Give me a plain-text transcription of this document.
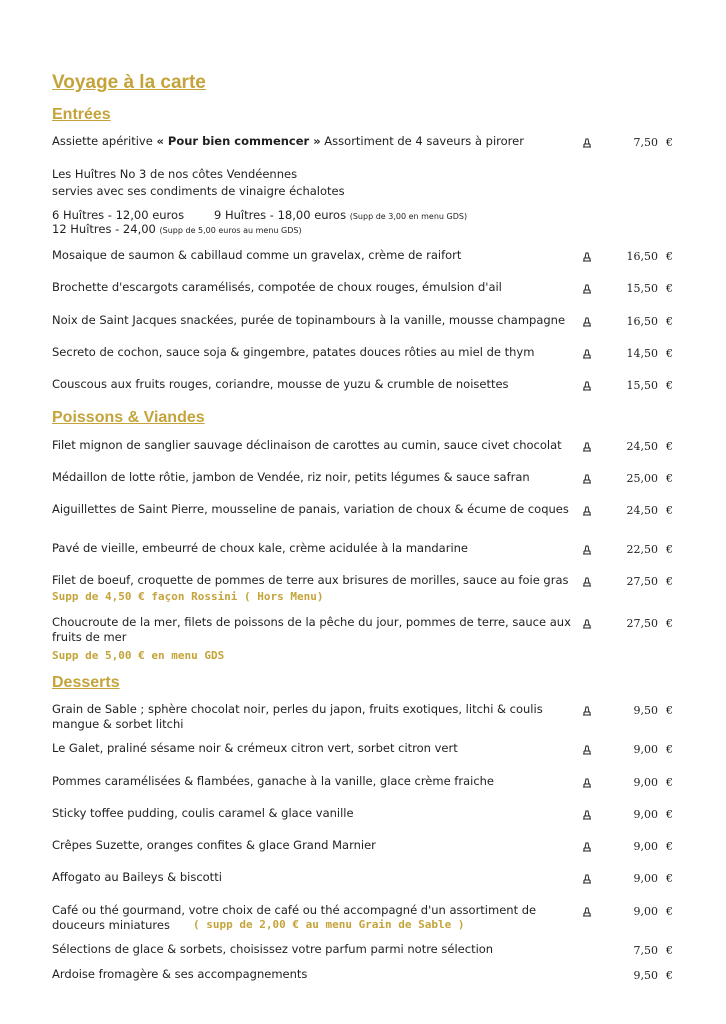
Voyage à la carte
Entrées
Assiette apéritive « Pour bien commencer » Assortiment de 4 saveurs à pirorer	7,50 €
Les Huîtres No 3 de nos côtes Vendéennes
servies avec ses condiments de vinaigre échalotes
6 Huîtres - 12,00 euros	9 Huîtres - 18,00 euros (Supp de 3,00 en menu GDS)
12 Huîtres - 24,00 (Supp de 5,00 euros au menu GDS)
Mosaique de saumon & cabillaud comme un gravelax, crème de raifort	16,50 €
Brochette d'escargots caramélisés, compotée de choux rouges, émulsion d'ail	15,50 €
Noix de Saint Jacques snackées, purée de topinambours à la vanille, mousse champagne	16,50 €
Secreto de cochon, sauce soja & gingembre, patates douces rôties au miel de thym	14,50 €
Couscous aux fruits rouges, coriandre, mousse de yuzu & crumble de noisettes	15,50 €
Poissons & Viandes
Filet mignon de sanglier sauvage déclinaison de carottes au cumin, sauce civet chocolat	24,50 €
Médaillon de lotte rôtie, jambon de Vendée, riz noir, petits légumes & sauce safran	25,00 €
Aiguillettes de Saint Pierre, mousseline de panais, variation de choux & écume de coques	24,50 €
Pavé de vieille, embeurré de choux kale, crème acidulée à la mandarine	22,50 €
Filet de boeuf, croquette de pommes de terre aux brisures de morilles, sauce au foie gras	27,50 €
Supp de 4,50 € façon Rossini ( Hors Menu)
Choucroute de la mer, filets de poissons de la pêche du jour, pommes de terre, sauce aux fruits de mer
27,50 €
Supp de 5,00 € en menu GDS
Desserts
Grain de Sable ; sphère chocolat noir, perles du japon, fruits exotiques, litchi & coulis mangue & sorbet litchi
9,50 €
Le Galet, praliné sésame noir & crémeux citron vert, sorbet citron vert	9,00 €
Pommes caramélisées & flambées, ganache à la vanille, glace crème fraiche	9,00 €
Sticky toffee pudding, coulis caramel & glace vanille	9,00 €
Crêpes Suzette, oranges confites & glace Grand Marnier	9,00 €
Affogato au Baileys & biscotti	9,00 €
Café ou thé gourmand, votre choix de café ou thé accompagné d'un assortiment de douceurs miniatures
9,00 €
( supp de 2,00 € au menu Grain de Sable )
Sélections de glace & sorbets, choisissez votre parfum parmi notre sélection	7,50 €
Ardoise fromagère & ses accompagnements	9,50 €
